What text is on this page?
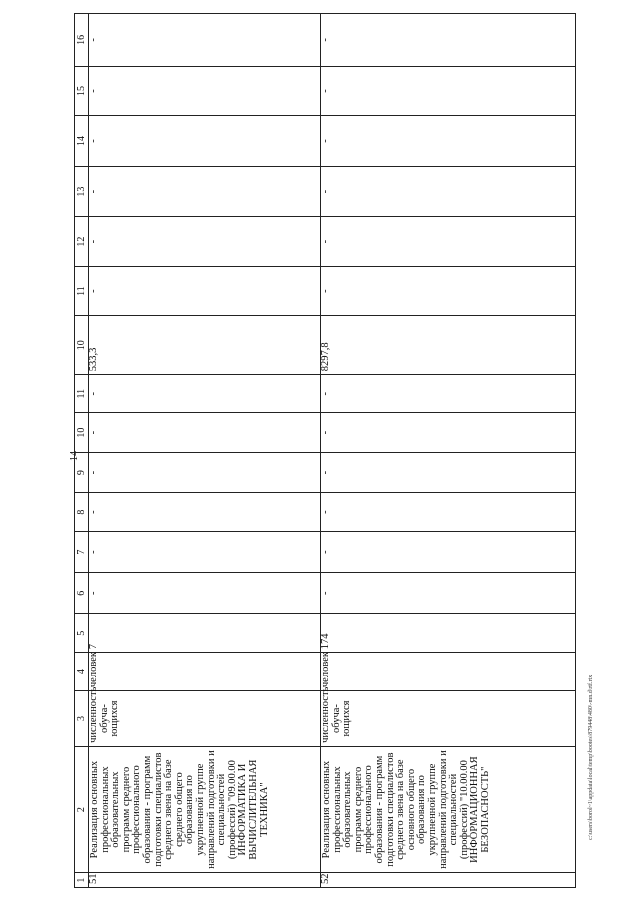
14
1	2	3	4	5	6	7	8	9	10	11	10	11	12	13	14	15	16
51	Реализация основных профессиональных образовательных программ среднего профессионального образования - программ подготовки специалистов среднего звена на базе среднего общего образования по укрупненной группе направлений подготовки и специальностей (профессий) "09.00.00 ИНФОРМАТИКА И ВЫЧИСЛИТЕЛЬНАЯ ТЕХНИКА"	численность обуча-ющихся	человек	7	-	-	-	-	-	-	533,3	-	-	-	-	-	-
52	Реализация основных профессиональных образовательных программ среднего профессионального образования - программ подготовки специалистов среднего звена на базе основного общего образования по укрупненной группе направлений подготовки и специальностей (профессий) "10.00.00 ИНФОРМАЦИОННАЯ БЕЗОПАСНОСТЬ"	численность обуча-ющихся	человек	174	-	-	-	-	-	-	8297,8	-	-	-	-	-	-
c:\users\borol~1\appdata\local\temp\bootes\879448\480\-mn.d\rtf.rtx
